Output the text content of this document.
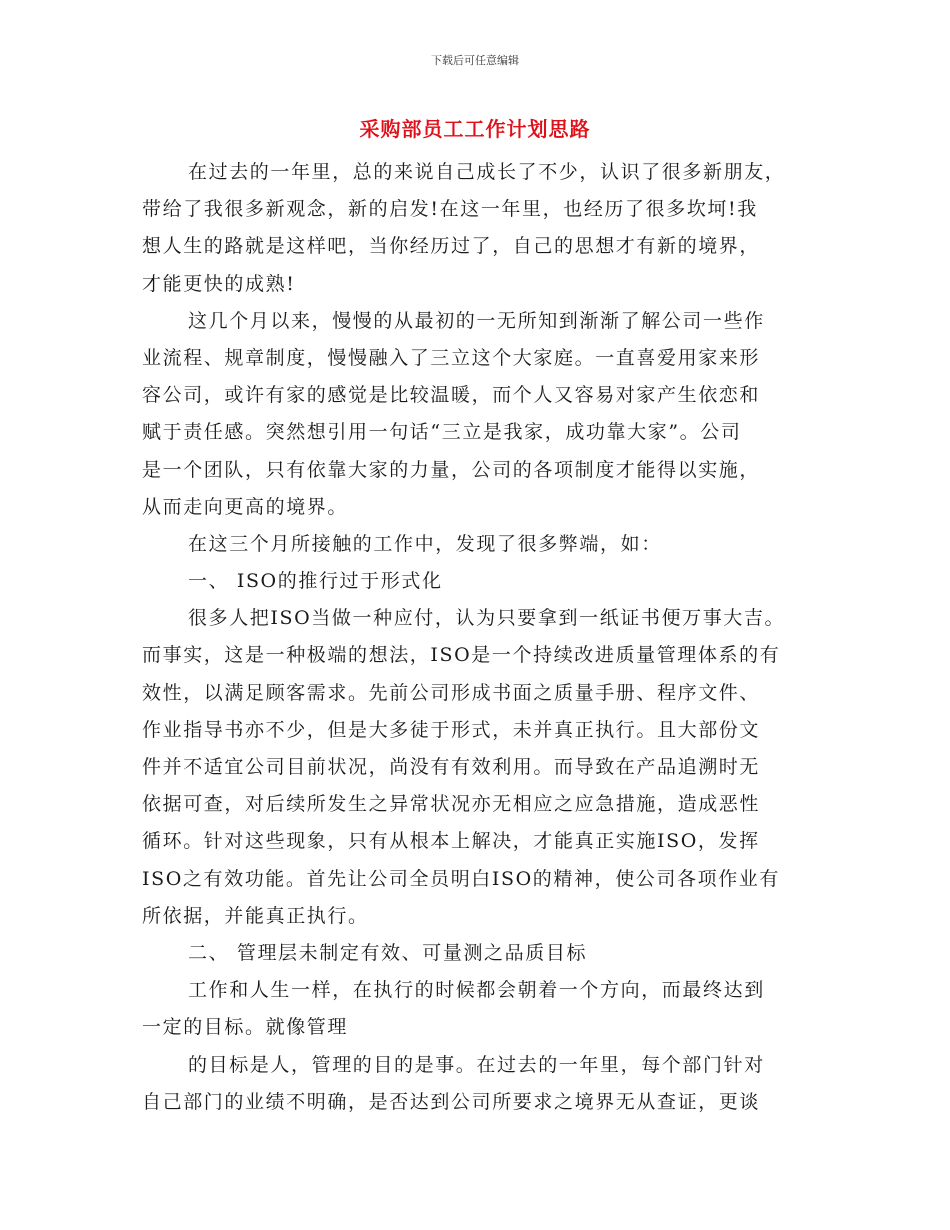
下载后可任意编辑
采购部员工工作计划思路
在过去的一年里，总的来说自己成长了不少，认识了很多新朋友，
带给了我很多新观念，新的启发!在这一年里，也经历了很多坎坷!我
想人生的路就是这样吧，当你经历过了，自己的思想才有新的境界，
才能更快的成熟!
这几个月以来，慢慢的从最初的一无所知到渐渐了解公司一些作
业流程、规章制度，慢慢融入了三立这个大家庭。一直喜爱用家来形
容公司，或许有家的感觉是比较温暖，而个人又容易对家产生依恋和
赋于责任感。突然想引用一句话“三立是我家，成功靠大家”。公司
是一个团队，只有依靠大家的力量，公司的各项制度才能得以实施，
从而走向更高的境界。
在这三个月所接触的工作中，发现了很多弊端，如：
一、 ISO的推行过于形式化
很多人把ISO当做一种应付，认为只要拿到一纸证书便万事大吉。
而事实，这是一种极端的想法，ISO是一个持续改进质量管理体系的有
效性，以满足顾客需求。先前公司形成书面之质量手册、程序文件、
作业指导书亦不少，但是大多徒于形式，未并真正执行。且大部份文
件并不适宜公司目前状况，尚没有有效利用。而导致在产品追溯时无
依据可查，对后续所发生之异常状况亦无相应之应急措施，造成恶性
循环。针对这些现象，只有从根本上解决，才能真正实施ISO，发挥
ISO之有效功能。首先让公司全员明白ISO的精神，使公司各项作业有
所依据，并能真正执行。
二、 管理层未制定有效、可量测之品质目标
工作和人生一样，在执行的时候都会朝着一个方向，而最终达到
一定的目标。就像管理
的目标是人，管理的目的是事。在过去的一年里，每个部门针对
自己部门的业绩不明确，是否达到公司所要求之境界无从查证，更谈
